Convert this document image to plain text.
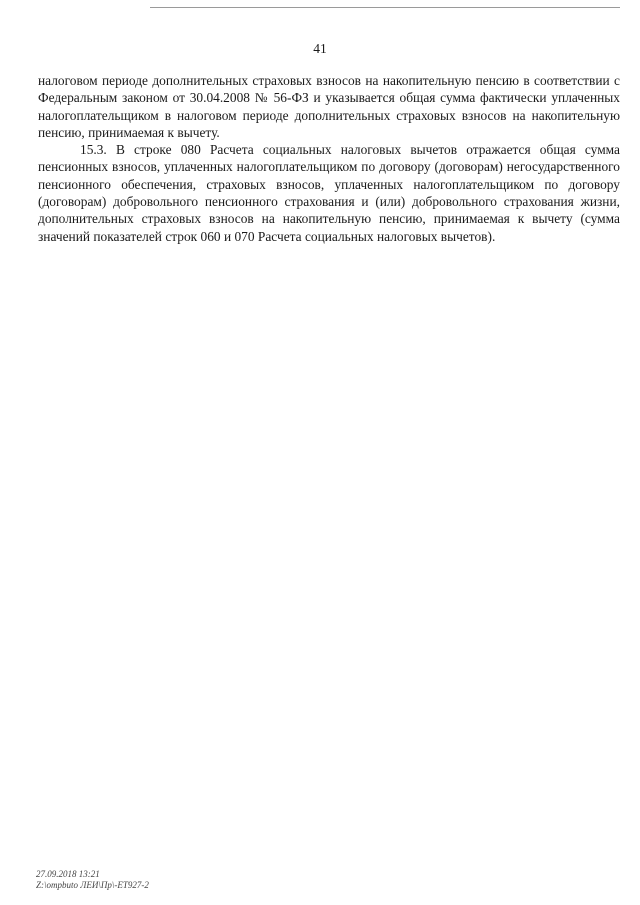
41

налоговом периоде дополнительных страховых взносов на накопительную пенсию в соответствии с Федеральным законом от 30.04.2008 № 56-ФЗ и указывается общая сумма фактически уплаченных налогоплательщиком в налоговом периоде дополнительных страховых взносов на накопительную пенсию, принимаемая к вычету.

15.3. В строке 080 Расчета социальных налоговых вычетов отражается общая сумма пенсионных взносов, уплаченных налогоплательщиком по договору (договорам) негосударственного пенсионного обеспечения, страховых взносов, уплаченных налогоплательщиком по договору (договорам) добровольного пенсионного страхования и (или) добровольного страхования жизни, дополнительных страховых взносов на накопительную пенсию, принимаемая к вычету (сумма значений показателей строк 060 и 070 Расчета социальных налоговых вычетов).

27.09.2018 13:21
Z:\ompbuto ЛЕИ\Пр\-ЕТ927-2
